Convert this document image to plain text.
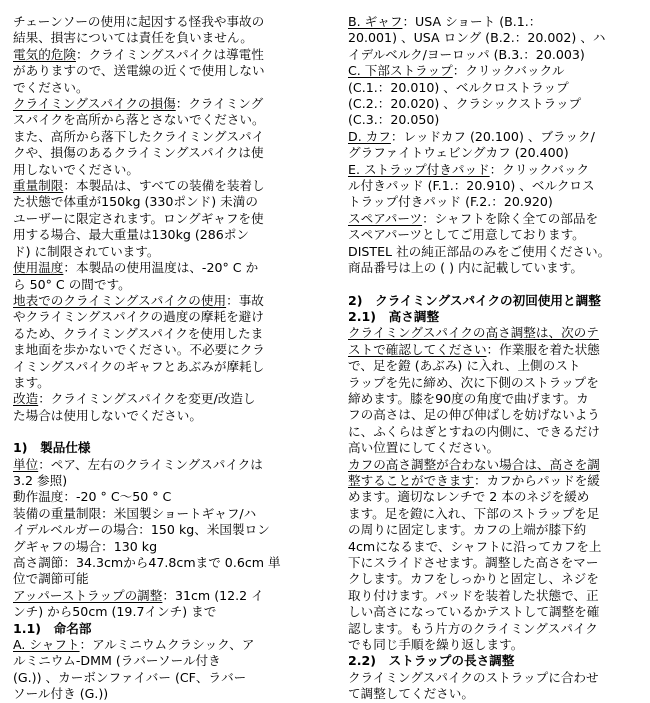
チェーンソーの使用に起因する怪我や事故の
結果、損害については責任を負いません。

電気的危険：クライミングスパイクは導電性
がありますので、送電線の近くで使用しない
でください。

クライミングスパイクの損傷：クライミング
スパイクを高所から落とさないでください。
また、高所から落下したクライミングスパイ
クや、損傷のあるクライミングスパイクは使
用しないでください。

重量制限：本製品は、すべての装備を装着し
た状態で体重が150kg (330ポンド) 未満の
ユーザーに限定されます。ロングギャフを使
用する場合、最大重量は130kg (286ポン
ド) に制限されています。

使用温度：本製品の使用温度は、-20° C か
ら 50° C の間です。

地表でのクライミングスパイクの使用：事故
やクライミングスパイクの過度の摩耗を避け
るため、クライミングスパイクを使用したま
ま地面を歩かないでください。不必要にクラ
イミングスパイクのギャフとあぶみが摩耗し
ます。

改造：クライミングスパイクを変更/改造し
た場合は使用しないでください。

1)　製品仕様

単位：ペア、左右のクライミングスパイクは
3.2 参照)

動作温度：-20 ° C～50 ° C

装備の重量制限：米国製ショートギャフ/ハ
イデルベルガーの場合：150 kg、米国製ロン
グギャフの場合：130 kg

高さ調節：34.3cmから47.8cmまで 0.6cm 単
位で調節可能

アッパーストラップの調整：31cm (12.2 イ
ンチ) から50cm (19.7インチ) まで

1.1)　命名部

A. シャフト：アルミニウムクラシック、ア
ルミニウム-DMM (ラバーソール付き
(G.)) 、カーボンファイバー (CF、ラバー
ソール付き (G.))

B. ギャフ：USA ショート (B.1.：
20.001) 、USA ロング (B.2.：20.002) 、ハ
イデルベルク/ヨーロッパ (B.3.：20.003)

C. 下部ストラップ：クリックバックル
(C.1.：20.010) 、ベルクロストラップ
(C.2.：20.020) 、クラシックストラップ
(C.3.：20.050)

D. カフ：レッドカフ (20.100) 、ブラック/
グラファイトウェビングカフ (20.400)

E. ストラップ付きパッド：クリックバック
ル付きパッド (F.1.：20.910) 、ベルクロス
トラップ付きパッド (F.2.：20.920)

スペアパーツ：シャフトを除く全ての部品を
スペアパーツとしてご用意しております。
DISTEL 社の純正部品のみをご使用ください。
商品番号は上の ( ) 内に記載しています。

2)　クライミングスパイクの初回使用と調整

2.1)　高さ調整

クライミングスパイクの高さ調整は、次のテ
ストで確認してください：作業服を着た状態
で、足を鐙 (あぶみ) に入れ、上側のスト
ラップを先に締め、次に下側のストラップを
締めます。膝を90度の角度で曲げます。カ
フの高さは、足の伸び伸ばしを妨げないよう
に、ふくらはぎとすねの内側に、できるだけ
高い位置にしてください。

カフの高さ調整が合わない場合は、高さを調
整することができます：カフからパッドを緩
めます。適切なレンチで 2 本のネジを緩め
ます。足を鐙に入れ、下部のストラップを足
の周りに固定します。カフの上端が膝下約
4cmになるまで、シャフトに沿ってカフを上
下にスライドさせます。調整した高さをマー
クします。カフをしっかりと固定し、ネジを
取り付けます。パッドを装着した状態で、正
しい高さになっているかテストして調整を確
認します。もう片方のクライミングスパイク
でも同じ手順を繰り返します。

2.2)　ストラップの長さ調整

クライミングスパイクのストラップに合わせ
て調整してください。
